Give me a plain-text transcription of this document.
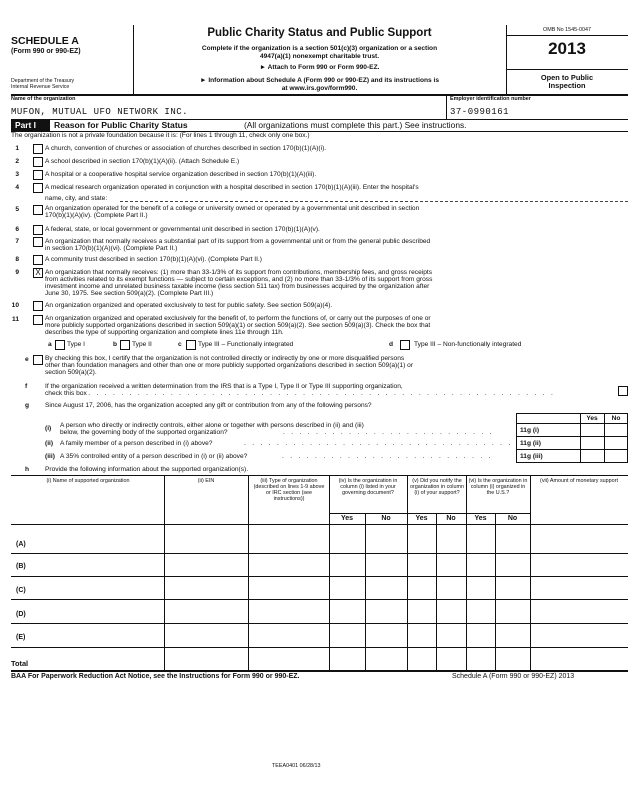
SCHEDULE A
(Form 990 or 990-EZ)
Department of the Treasury
Internal Revenue Service
Public Charity Status and Public Support
Complete if the organization is a section 501(c)(3) organization or a section
4947(a)(1) nonexempt charitable trust.
► Attach to Form 990 or Form 990-EZ.
► Information about Schedule A (Form 990 or 990-EZ) and its instructions is
at www.irs.gov/form990.
OMB No 1545-0047
2013
Open to Public
Inspection
Name of the organization	Employer identification number
MUFON, MUTUAL UFO NETWORK INC.	37-0990161
Part I Reason for Public Charity Status	(All organizations must complete this part.) See instructions.
The organization is not a private foundation because it is: (For lines 1 through 11, check only one box.)
1	A church, convention of churches or association of churches described in section 170(b)(1)(A)(i).
2	A school described in section 170(b)(1)(A)(ii). (Attach Schedule E.)
3	A hospital or a cooperative hospital service organization described in section 170(b)(1)(A)(iii).
4	A medical research organization operated in conjunction with a hospital described in section 170(b)(1)(A)(iii). Enter the hospital's
name, city, and state:
5	An organization operated for the benefit of a college or university owned or operated by a governmental unit described in section
170(b)(1)(A)(iv). (Complete Part II.)
6	A federal, state, or local government or governmental unit described in section 170(b)(1)(A)(v).
7	An organization that normally receives a substantial part of its support from a governmental unit or from the general public described
in section 170(b)(1)(A)(vi). (Complete Part II.)
8	A community trust described in section 170(b)(1)(A)(vi). (Complete Part II.)
9 X An organization that normally receives: (1) more than 33-1/3% of its support from contributions, membership fees, and gross receipts
from activities related to its exempt functions — subject to certain exceptions, and (2) no more than 33-1/3% of its support from gross
investment income and unrelated business taxable income (less section 511 tax) from businesses acquired by the organization after
June 30, 1975. See section 509(a)(2). (Complete Part III.)
10	An organization organized and operated exclusively to test for public safety. See section 509(a)(4).
11	An organization organized and operated exclusively for the benefit of, to perform the functions of, or carry out the purposes of one or
more publicly supported organizations described in section 509(a)(1) or section 509(a)(2). See section 509(a)(3). Check the box that
describes the type of supporting organization and complete lines 11e through 11h.
a Type I	b Type II	c Type III – Functionally integrated	d	Type III – Non-functionally integrated
e By checking this box, I certify that the organization is not controlled directly or indirectly by one or more disqualified persons
other than foundation managers and other than one or more publicly supported organizations described in section 509(a)(1) or
section 509(a)(2).
f	If the organization received a written determination from the IRS that is a Type I, Type II or Type III supporting organization,
check this box
. . . . . . . . . . . . . . . . . . . . . . . . . . . . . . . . . . . . . . . . . . . . . . . . . . . . . . . . . .
g Since August 17, 2006, has the organization accepted any gift or contribution from any of the following persons?
Yes	No
(i) A person who directly or indirectly controls, either alone or together with persons described in (ii) and (iii)
below, the governing body of the supported organization?	. . . . . . . . . . . . . . . . . . . . . . . . . .	11g (i)
(ii) A family member of a person described in (i) above?	. . . . . . . . . . . . . . . . . . . . . . . . . . . . . . . . . 11g (ii)
(iii) A 35% controlled entity of a person described in (i) or (ii) above?	. . . . . . . . . . . . . . . . . . . . . . . . . .	11g (iii)
h Provide the following information about the supported organization(s).
(i) Name of supported organization	(ii) EIN	(iii) Type of organization (described on lines 1-9 above or IRC section (see instructions))
(iv) Is the organization in column (i) listed in your governing document?
(v) Did you notify the organization in column (i) of your support?
(vi) Is the organization in column (i) organized in the U.S.?
(vii) Amount of monetary support
Yes	No	Yes	No	Yes	No
(A)
(B)
(C)
(D)
(E)
Total
BAA For Paperwork Reduction Act Notice, see the Instructions for Form 990 or 990-EZ.	Schedule A (Form 990 or 990-EZ) 2013
TEEA0401 06/28/13
